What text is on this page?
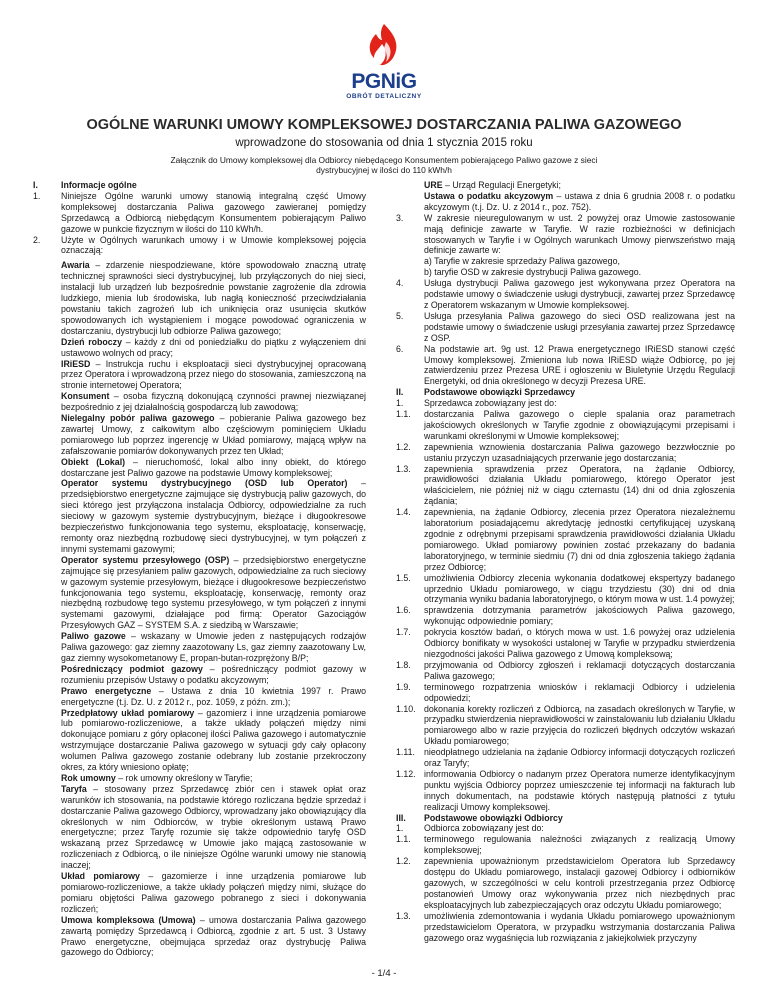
PGNiG
OBRÓT DETALICZNY
OGÓLNE WARUNKI UMOWY KOMPLEKSOWEJ DOSTARCZANIA PALIWA GAZOWEGO
wprowadzone do stosowania od dnia 1 stycznia 2015 roku
Załącznik do Umowy kompleksowej dla Odbiorcy niebędącego Konsumentem pobierającego Paliwo gazowe z sieci dystrybucyjnej w ilości do 110 kWh/h
I.	Informacje ogólne
1.	Niniejsze Ogólne warunki umowy stanowią integralną część Umowy kompleksowej dostarczania Paliwa gazowego zawieranej pomiędzy Sprzedawcą a Odbiorcą niebędącym Konsumentem pobierającym Paliwo gazowe w punkcie fizycznym w ilości do 110 kWh/h.
2.	Użyte w Ogólnych warunkach umowy i w Umowie kompleksowej pojęcia oznaczają:
Awaria – zdarzenie niespodziewane, które spowodowało znaczną utratę technicznej sprawności sieci dystrybucyjnej, lub przyłączonych do niej sieci, instalacji lub urządzeń lub bezpośrednie powstanie zagrożenie dla zdrowia ludzkiego, mienia lub środowiska, lub nagłą konieczność przeciwdziałania powstaniu takich zagrożeń lub ich uniknięcia oraz usunięcia skutków spowodowanych ich wystąpieniem i mogące powodować ograniczenia w dostarczaniu, dystrybucji lub odbiorze Paliwa gazowego;
Dzień roboczy – każdy z dni od poniedziałku do piątku z wyłączeniem dni ustawowo wolnych od pracy;
IRiESD – Instrukcja ruchu i eksploatacji sieci dystrybucyjnej opracowaną przez Operatora i wprowadzoną przez niego do stosowania, zamieszczoną na stronie internetowej Operatora;
Konsument – osoba fizyczną dokonującą czynności prawnej niezwiązanej bezpośrednio z jej działalnością gospodarczą lub zawodową;
Nielegalny pobór paliwa gazowego – pobieranie Paliwa gazowego bez zawartej Umowy, z całkowitym albo częściowym pominięciem Układu pomiarowego lub poprzez ingerencję w Układ pomiarowy, mającą wpływ na zafałszowanie pomiarów dokonywanych przez ten Układ;
Obiekt (Lokal) – nieruchomość, lokal albo inny obiekt, do którego dostarczane jest Paliwo gazowe na podstawie Umowy kompleksowej;
Operator systemu dystrybucyjnego (OSD lub Operator) – przedsiębiorstwo energetyczne zajmujące się dystrybucją paliw gazowych, do sieci którego jest przyłączona instalacja Odbiorcy, odpowiedzialne za ruch sieciowy w gazowym systemie dystrybucyjnym, bieżące i długookresowe bezpieczeństwo funkcjonowania tego systemu, eksploatację, konserwację, remonty oraz niezbędną rozbudowę sieci dystrybucyjnej, w tym połączeń z innymi systemami gazowymi;
Operator systemu przesyłowego (OSP) – przedsiębiorstwo energetyczne zajmujące się przesyłaniem paliw gazowych, odpowiedzialne za ruch sieciowy w gazowym systemie przesyłowym, bieżące i długookresowe bezpieczeństwo funkcjonowania tego systemu, eksploatację, konserwację, remonty oraz niezbędną rozbudowę tego systemu przesyłowego, w tym połączeń z innymi systemami gazowymi, działające pod firmą: Operator Gazociągów Przesyłowych GAZ – SYSTEM S.A. z siedzibą w Warszawie;
Paliwo gazowe – wskazany w Umowie jeden z następujących rodzajów Paliwa gazowego: gaz ziemny zaazotowany Ls, gaz ziemny zaazotowany Lw, gaz ziemny wysokometanowy E, propan-butan-rozprężony B/P;
Pośredniczący podmiot gazowy – pośredniczący podmiot gazowy w rozumieniu przepisów Ustawy o podatku akcyzowym;
Prawo energetyczne – Ustawa z dnia 10 kwietnia 1997 r. Prawo energetyczne (t.j. Dz. U. z 2012 r., poz. 1059, z późn. zm.);
Przedpłatowy układ pomiarowy – gazomierz i inne urządzenia pomiarowe lub pomiarowo-rozliczeniowe, a także układy połączeń między nimi dokonujące pomiaru z góry opłaconej ilości Paliwa gazowego i automatycznie wstrzymujące dostarczanie Paliwa gazowego w sytuacji gdy cały opłacony wolumen Paliwa gazowego zostanie odebrany lub zostanie przekroczony okres, za który wniesiono opłatę;
Rok umowny – rok umowny określony w Taryfie;
Taryfa – stosowany przez Sprzedawcę zbiór cen i stawek opłat oraz warunków ich stosowania, na podstawie którego rozliczana będzie sprzedaż i dostarczanie Paliwa gazowego Odbiorcy, wprowadzany jako obowiązujący dla określonych w nim Odbiorców, w trybie określonym ustawą Prawo energetyczne; przez Taryfę rozumie się także odpowiednio taryfę OSD wskazaną przez Sprzedawcę w Umowie jako mającą zastosowanie w rozliczeniach z Odbiorcą, o ile niniejsze Ogólne warunki umowy nie stanowią inaczej;
Układ pomiarowy – gazomierze i inne urządzenia pomiarowe lub pomiarowo-rozliczeniowe, a także układy połączeń między nimi, służące do pomiaru objętości Paliwa gazowego pobranego z sieci i dokonywania rozliczeń;
Umowa kompleksowa (Umowa) – umowa dostarczania Paliwa gazowego zawartą pomiędzy Sprzedawcą i Odbiorcą, zgodnie z art. 5 ust. 3 Ustawy Prawo energetyczne, obejmująca sprzedaż oraz dystrybucję Paliwa gazowego do Odbiorcy;
URE – Urząd Regulacji Energetyki;
Ustawa o podatku akcyzowym – ustawa z dnia 6 grudnia 2008 r. o podatku akcyzowym (t.j. Dz. U. z 2014 r., poz. 752).
3.	W zakresie nieuregulowanym w ust. 2 powyżej oraz Umowie zastosowanie mają definicje zawarte w Taryfie. W razie rozbieżności w definicjach stosowanych w Taryfie i w Ogólnych warunkach Umowy pierwszeństwo mają definicje zawarte w:
a) Taryfie w zakresie sprzedaży Paliwa gazowego,
b) taryfie OSD w zakresie dystrybucji Paliwa gazowego.
4.	Usługa dystrybucji Paliwa gazowego jest wykonywana przez Operatora na podstawie umowy o świadczenie usługi dystrybucji, zawartej przez Sprzedawcę z Operatorem wskazanym w Umowie kompleksowej.
5.	Usługa przesyłania Paliwa gazowego do sieci OSD realizowana jest na podstawie umowy o świadczenie usługi przesyłania zawartej przez Sprzedawcę z OSP.
6.	Na podstawie art. 9g ust. 12 Prawa energetycznego IRiESD stanowi część Umowy kompleksowej. Zmieniona lub nowa IRiESD wiąże Odbiorcę, po jej zatwierdzeniu przez Prezesa URE i ogłoszeniu w Biuletynie Urzędu Regulacji Energetyki, od dnia określonego w decyzji Prezesa URE.
II.	Podstawowe obowiązki Sprzedawcy
1.	Sprzedawca zobowiązany jest do:
1.1.	dostarczania Paliwa gazowego o cieple spalania oraz parametrach jakościowych określonych w Taryfie zgodnie z obowiązującymi przepisami i warunkami określonymi w Umowie kompleksowej;
1.2.	zapewnienia wznowienia dostarczania Paliwa gazowego bezzwłocznie po ustaniu przyczyn uzasadniających przerwanie jego dostarczania;
1.3.	zapewnienia sprawdzenia przez Operatora, na żądanie Odbiorcy, prawidłowości działania Układu pomiarowego, którego Operator jest właścicielem, nie później niż w ciągu czternastu (14) dni od dnia zgłoszenia żądania;
1.4.	zapewnienia, na żądanie Odbiorcy, zlecenia przez Operatora niezależnemu laboratorium posiadającemu akredytację jednostki certyfikującej uzyskaną zgodnie z odrębnymi przepisami sprawdzenia prawidłowości działania Układu pomiarowego. Układ pomiarowy powinien zostać przekazany do badania laboratoryjnego, w terminie siedmiu (7) dni od dnia zgłoszenia takiego żądania przez Odbiorcę;
1.5.	umożliwienia Odbiorcy zlecenia wykonania dodatkowej ekspertyzy badanego uprzednio Układu pomiarowego, w ciągu trzydziestu (30) dni od dnia otrzymania wyniku badania laboratoryjnego, o którym mowa w ust. 1.4 powyżej;
1.6.	sprawdzenia dotrzymania parametrów jakościowych Paliwa gazowego, wykonując odpowiednie pomiary;
1.7.	pokrycia kosztów badań, o których mowa w ust. 1.6 powyżej oraz udzielenia Odbiorcy bonifikaty w wysokości ustalonej w Taryfie w przypadku stwierdzenia niezgodności jakości Paliwa gazowego z Umową kompleksową;
1.8.	przyjmowania od Odbiorcy zgłoszeń i reklamacji dotyczących dostarczania Paliwa gazowego;
1.9.	terminowego rozpatrzenia wniosków i reklamacji Odbiorcy i udzielenia odpowiedzi;
1.10. dokonania korekty rozliczeń z Odbiorcą, na zasadach określonych w Taryfie, w przypadku stwierdzenia nieprawidłowości w zainstalowaniu lub działaniu Układu pomiarowego albo w razie przyjęcia do rozliczeń błędnych odczytów wskazań Układu pomiarowego;
1.11.	nieodpłatnego udzielania na żądanie Odbiorcy informacji dotyczących rozliczeń oraz Taryfy;
1.12. informowania Odbiorcy o nadanym przez Operatora numerze identyfikacyjnym punktu wyjścia Odbiorcy poprzez umieszczenie tej informacji na fakturach lub innych dokumentach, na podstawie których następują płatności z tytułu realizacji Umowy kompleksowej.
III.	Podstawowe obowiązki Odbiorcy
1.	Odbiorca zobowiązany jest do:
1.1.	terminowego regulowania należności związanych z realizacją Umowy kompleksowej;
1.2.	zapewnienia upoważnionym przedstawicielom Operatora lub Sprzedawcy dostępu do Układu pomiarowego, instalacji gazowej Odbiorcy i odbiorników gazowych, w szczególności w celu kontroli przestrzegania przez Odbiorcę postanowień Umowy oraz wykonywania przez nich niezbędnych prac eksploatacyjnych lub zabezpieczających oraz odczytu Układu pomiarowego;
1.3.	umożliwienia zdemontowania i wydania Układu pomiarowego upoważnionym przedstawicielom Operatora, w przypadku wstrzymania dostarczania Paliwa gazowego oraz wygaśnięcia lub rozwiązania z jakiejkolwiek przyczyny
- 1/4 -
